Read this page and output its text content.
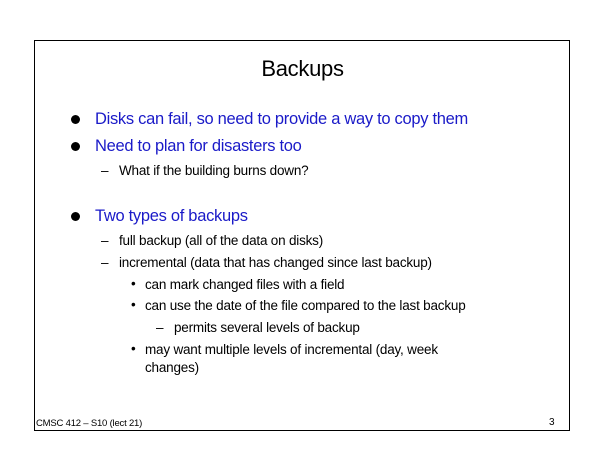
Backups
Disks can fail, so need to provide a way to copy them
Need to plan for disasters too
– What if the building burns down?
Two types of backups
– full backup (all of the data on disks)
– incremental (data that has changed since last backup)
• can mark changed files with a field
• can use the date of the file compared to the last backup
– permits several levels of backup
• may want multiple levels of incremental (day, week
changes)
CMSC 412 – S10 (lect 21)	3
